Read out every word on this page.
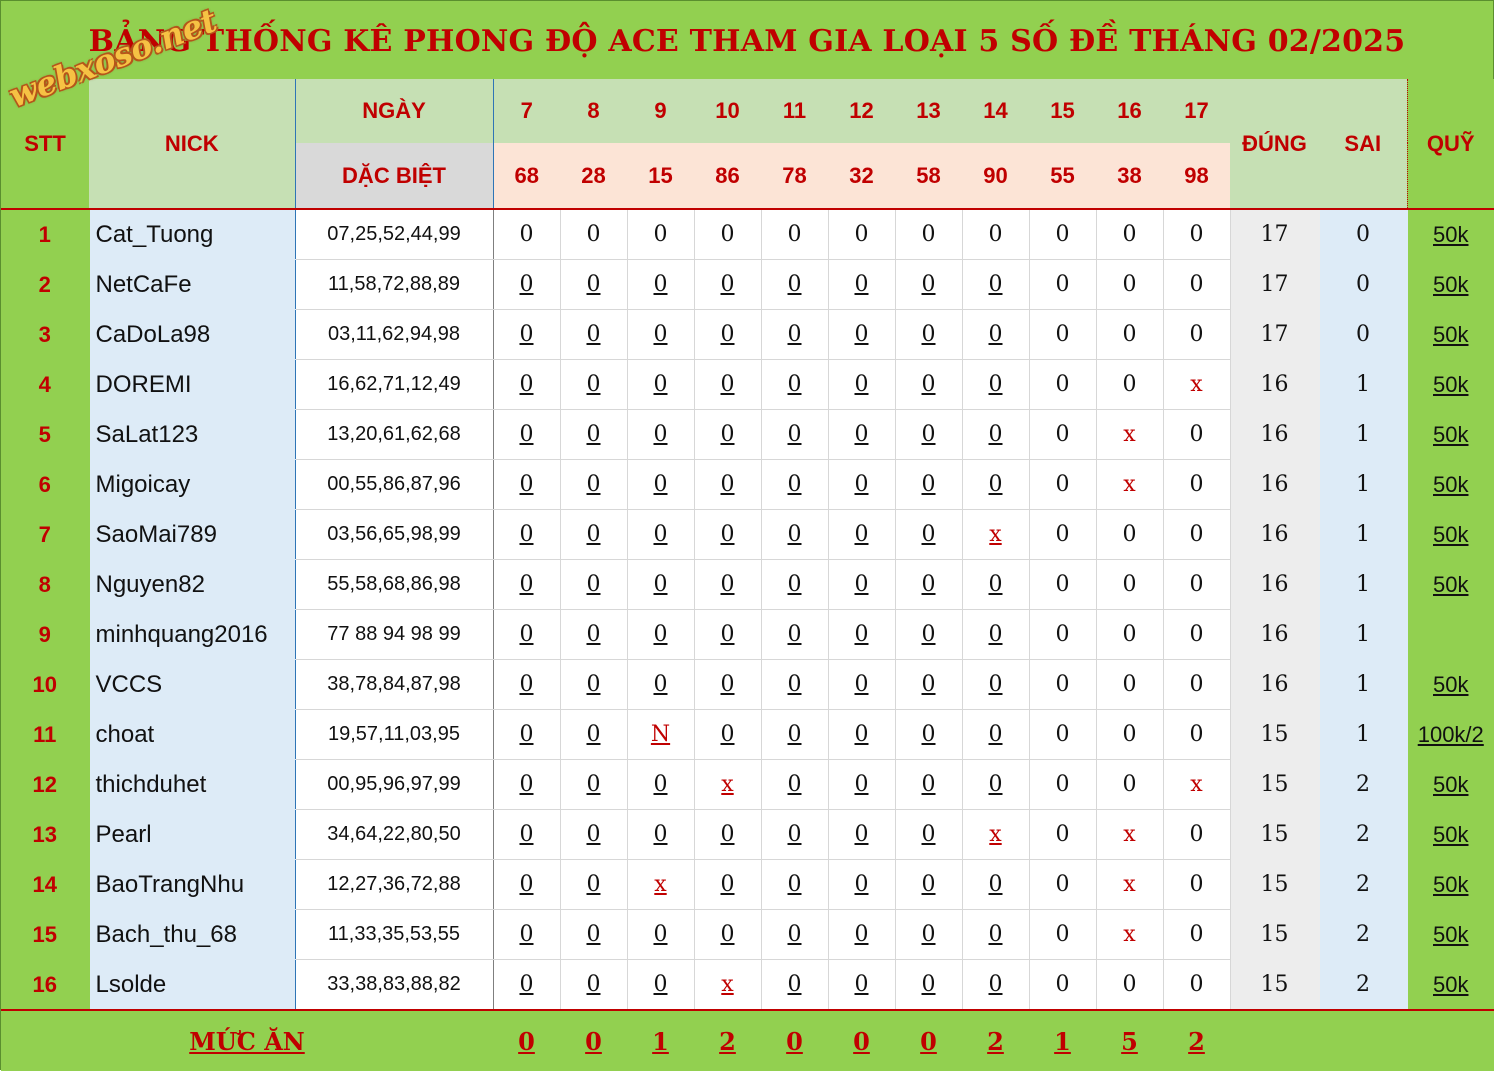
BẢNG THỐNG KÊ PHONG ĐỘ ACE THAM GIA LOẠI 5 SỐ ĐỀ THÁNG 02/2025
webxoso.net
STT	NICK	NGÀY	7	8	9	10	11	12	13	14	15	16	17	ĐÚNG	SAI	QUỸ
		DẶC BIỆT	68	28	15	86	78	32	58	90	55	38	98			
1	Cat_Tuong	07,25,52,44,99	0	0	0	0	0	0	0	0	0	0	0	17	0	50k
2	NetCaFe	11,58,72,88,89	0	0	0	0	0	0	0	0	0	0	0	17	0	50k
3	CaDoLa98	03,11,62,94,98	0	0	0	0	0	0	0	0	0	0	0	17	0	50k
4	DOREMI	16,62,71,12,49	0	0	0	0	0	0	0	0	0	0	x	16	1	50k
5	SaLat123	13,20,61,62,68	0	0	0	0	0	0	0	0	0	x	0	16	1	50k
6	Migoicay	00,55,86,87,96	0	0	0	0	0	0	0	0	0	x	0	16	1	50k
7	SaoMai789	03,56,65,98,99	0	0	0	0	0	0	0	x	0	0	0	16	1	50k
8	Nguyen82	55,58,68,86,98	0	0	0	0	0	0	0	0	0	0	0	16	1	50k
9	minhquang2016	77 88 94 98 99	0	0	0	0	0	0	0	0	0	0	0	16	1	
10	VCCS	38,78,84,87,98	0	0	0	0	0	0	0	0	0	0	0	16	1	50k
11	choat	19,57,11,03,95	0	0	N	0	0	0	0	0	0	0	0	15	1	100k/2
12	thichduhet	00,95,96,97,99	0	0	0	x	0	0	0	0	0	0	x	15	2	50k
13	Pearl	34,64,22,80,50	0	0	0	0	0	0	0	x	0	x	0	15	2	50k
14	BaoTrangNhu	12,27,36,72,88	0	0	x	0	0	0	0	0	0	x	0	15	2	50k
15	Bach_thu_68	11,33,35,53,55	0	0	0	0	0	0	0	0	0	x	0	15	2	50k
16	Lsolde	33,38,83,88,82	0	0	0	x	0	0	0	0	0	0	0	15	2	50k
MỨC ĂN			0	0	1	2	0	0	0	2	1	5	2			
